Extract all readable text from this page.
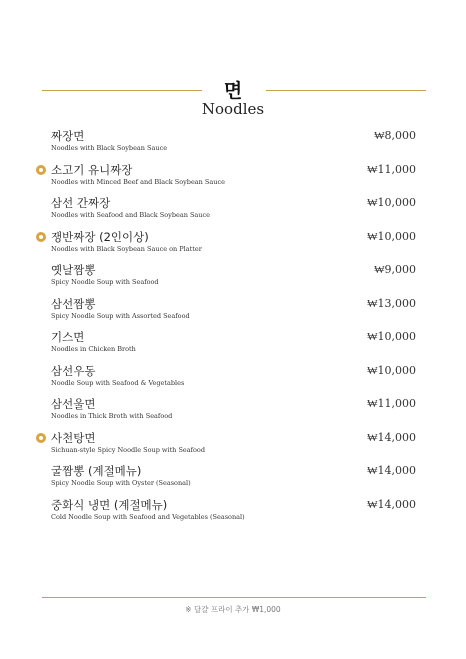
면
Noodles
짜장면
Noodles with Black Soybean Sauce
₩8,000
소고기 유니짜장
Noodles with Minced Beef and Black Soybean Sauce
₩11,000
삼선 간짜장
Noodles with Seafood and Black Soybean Sauce
₩10,000
쟁반짜장 (2인이상)
Noodles with Black Soybean Sauce on Platter
₩10,000
옛날짬뽕
Spicy Noodle Soup with Seafood
₩9,000
삼선짬뽕
Spicy Noodle Soup with Assorted Seafood
₩13,000
기스면
Noodles in Chicken Broth
₩10,000
삼선우동
Noodle Soup with Seafood & Vegetables
₩10,000
삼선울면
Noodles in Thick Broth with Seafood
₩11,000
사천탕면
Sichuan-style Spicy Noodle Soup with Seafood
₩14,000
굴짬뽕 (계절메뉴)
Spicy Noodle Soup with Oyster (Seasonal)
₩14,000
중화식 냉면 (계절메뉴)
Cold Noodle Soup with Seafood and Vegetables (Seasonal)
₩14,000
※ 달걀 프라이 추가 ₩1,000
